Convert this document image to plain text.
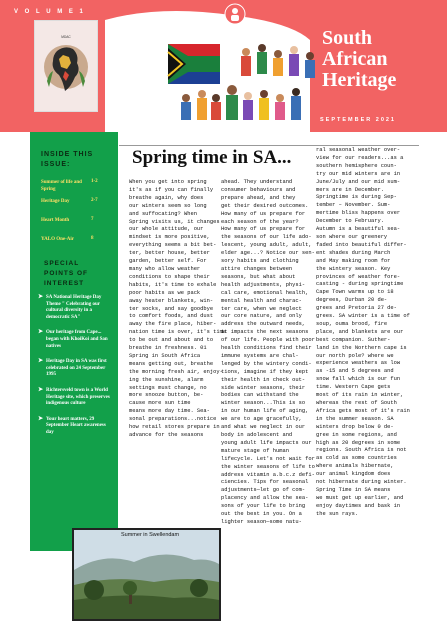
V O L U M E 1
MDAC	South
African
Heritage
SEPTEMBER 2021
INSIDE THIS
ISSUE:
Summer of life and Spring
1-2
Heritage Day	2-7
Heart Month	7
YALO One-Air	8
SPECIAL
POINTS OF
INTEREST
➤ SA National Heritage Day Theme " Celebrating our cultural diversity in a democratic SA"
➤ Our heritage from Cape... began with KhoiKoi and San natives
➤ Heritage Day in SA was first celebrated on 24 September 1995
➤ Richtersveld town is a World Heritage site, which preserves indigenous culture
➤ Your heart matters, 29 September Heart awareness day
Spring time in SA...
When you get into spring
it's as if you can finally
breathe again, why does
our winters seem so long
and suffocating? When
Spring visits us, it changes
our whole attitude, our
mindset is more positive,
everything seems a bit bet-
ter, better house, better
garden, better self. For
many who allow weather
conditions to shape their
habits, it's time to exhale
poor habits as we pack
away heater blankets, win-
ter socks, and say goodbye
to comfort foods, and dust
away the fire place, hiber-
nation time is over, it's time
to be out and about and to
breathe in freshness. 01
Spring in South Africa
means getting out, breathe
the morning fresh air, enjoy-
ing the sunshine, alarm
settings must change, no
more snooze button, be-
cause more sun time
means more day time. Sea-
sonal preparations...notice
how retail stores prepare in
advance for the seasons
ahead. They understand
consumer behaviours and
prepare ahead, and they
get their desired outcomes.
How many of us prepare for
each season of the year?
How many of us prepare for
the seasons of our life ado-
lescent, young adult, adult,
elder age...? Notice our sen-
sory habits and clothing
attire changes between
seasons, but what about
health adjustments, physi-
cal care, emotional health,
mental health and charac-
ter care, when we neglect
our core nature, and only
address the outward needs,
it impacts the next seasons
of our life. People with poor
health conditions find their
immune systems are chal-
lenged by the wintery condi-
tions, imagine if they kept
their health in check out-
side winter seasons, their
bodies can withstand the
winter season...This is so
in our human life of aging,
we are to age gracefully,
and what we neglect in our
body in adolescent and
young adult life impacts our
mature stage of human
lifecycle. Let's not wait for
the winter seasons of life to
address vitamin a.b.c.z defi-
ciencies. Tips for seasonal
adjustments—let go of com-
placency and allow the sea-
sons of your life to bring
out the best in you. On a
lighter season—some natu-
ral seasonal weather over-
view for our readers...as a
southern hemisphere coun-
try our mid winters are in
June/July and our mid sum-
mers are in December.
Springtime is during Sep-
tember – November. Sum-
mertime bliss happens over
December to February.
Autumn is a beautiful sea-
son where our greenery
faded into beautiful differ-
ent shades during March
and May making room for
the wintery season. Key
provinces of weather fore-
casting - during springtime
Cape Town warms up to 18
degrees, Durban 20 de-
grees and Pretoria 27 de-
grees. SA winter is a time of
soup, ouma brood, fire
place, and blankets are our
best companion. Suther-
land in the Northern cape is
our north pole? where we
experience weathers as low
as -15 and 5 degrees and
snow fall which is our fun
time. Western Cape gets
most of its rain in winter,
whereas the rest of South
Africa gets most of it's rain
in the summer season. SA
winters drop below 0 de-
gree in some regions, and
high as 20 degrees in some
regions. South Africa is not
as cold as some countries
where animals hibernate,
our animal kingdom does
not hibernate during winter.
Spring Time in SA means
we must get up earlier, and
enjoy daytimes and bask in
the sun rays.
Summer in Swellendam
